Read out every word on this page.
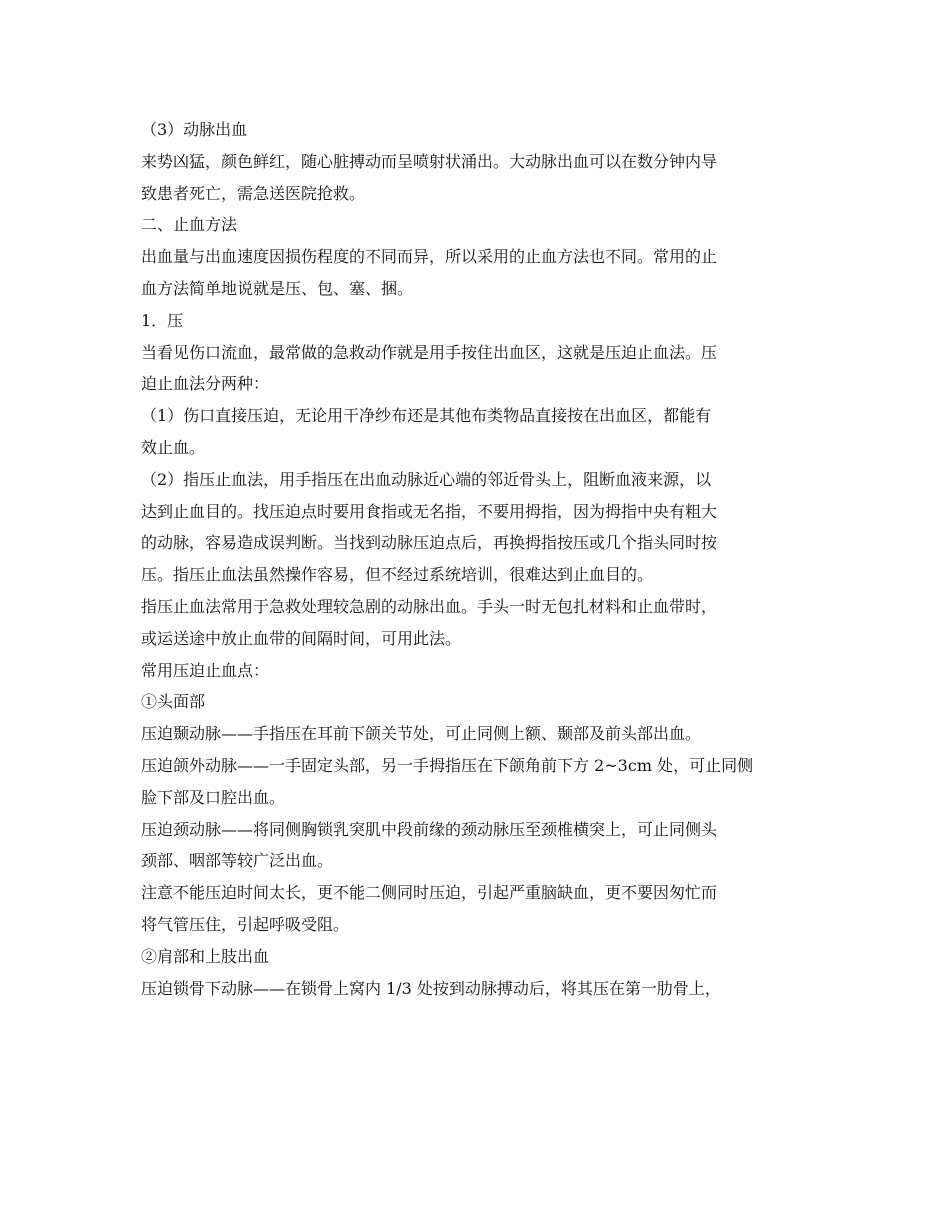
（3）动脉出血
来势凶猛，颜色鲜红，随心脏搏动而呈喷射状涌出。大动脉出血可以在数分钟内导
致患者死亡，需急送医院抢救。
二、止血方法
出血量与出血速度因损伤程度的不同而异，所以采用的止血方法也不同。常用的止
血方法简单地说就是压、包、塞、捆。
1．压
当看见伤口流血，最常做的急救动作就是用手按住出血区，这就是压迫止血法。压
迫止血法分两种：
（1）伤口直接压迫，无论用干净纱布还是其他布类物品直接按在出血区，都能有
效止血。
（2）指压止血法，用手指压在出血动脉近心端的邻近骨头上，阻断血液来源，以
达到止血目的。找压迫点时要用食指或无名指，不要用拇指，因为拇指中央有粗大
的动脉，容易造成误判断。当找到动脉压迫点后，再换拇指按压或几个指头同时按
压。指压止血法虽然操作容易，但不经过系统培训，很难达到止血目的。
指压止血法常用于急救处理较急剧的动脉出血。手头一时无包扎材料和止血带时，
或运送途中放止血带的间隔时间，可用此法。
常用压迫止血点：
①头面部
压迫颞动脉——手指压在耳前下颌关节处，可止同侧上额、颞部及前头部出血。
压迫颌外动脉——一手固定头部，另一手拇指压在下颌角前下方 2~3cm 处，可止同侧
脸下部及口腔出血。
压迫颈动脉——将同侧胸锁乳突肌中段前缘的颈动脉压至颈椎横突上，可止同侧头
颈部、咽部等较广泛出血。
注意不能压迫时间太长，更不能二侧同时压迫，引起严重脑缺血，更不要因匆忙而
将气管压住，引起呼吸受阻。
②肩部和上肢出血
压迫锁骨下动脉——在锁骨上窝内 1/3 处按到动脉搏动后，将其压在第一肋骨上，
